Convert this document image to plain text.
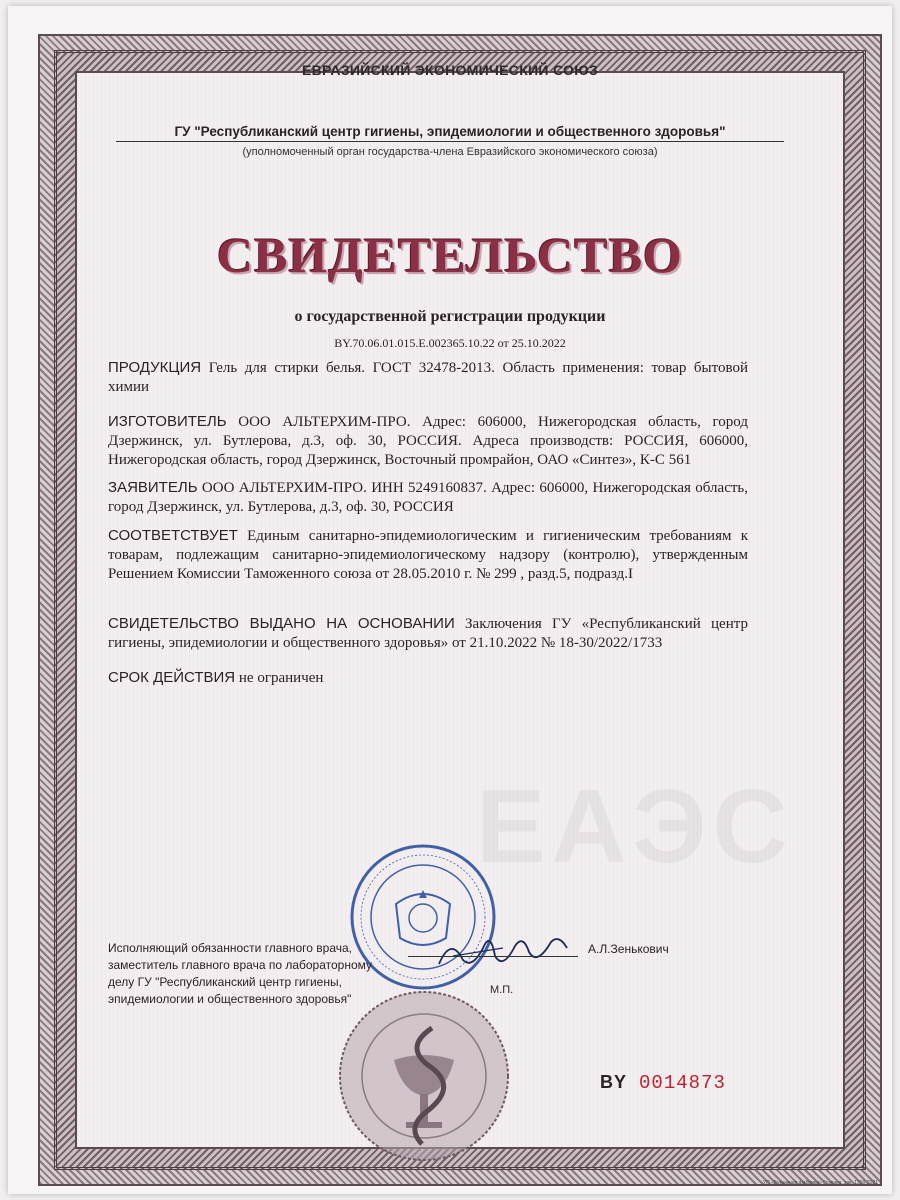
ЕВРАЗИЙСКИЙ ЭКОНОМИЧЕСКИЙ СОЮЗ
ГУ "Республиканский центр гигиены, эпидемиологии и общественного здоровья"
(уполномоченный орган государства-члена Евразийского экономического союза)
СВИДЕТЕЛЬСТВО
о государственной регистрации продукции
BY.70.06.01.015.E.002365.10.22 от 25.10.2022
ПРОДУКЦИЯ Гель для стирки белья. ГОСТ 32478-2013. Область применения: товар бытовой химии
ИЗГОТОВИТЕЛЬ ООО АЛЬТЕРХИМ-ПРО. Адрес: 606000, Нижегородская область, город Дзержинск, ул. Бутлерова, д.3, оф. 30, РОССИЯ. Адреса производств: РОССИЯ, 606000, Нижегородская область, город Дзержинск, Восточный промрайон, ОАО «Синтез», К-С 561
ЗАЯВИТЕЛЬ ООО АЛЬТЕРХИМ-ПРО. ИНН 5249160837. Адрес: 606000, Нижегородская область, город Дзержинск, ул. Бутлерова, д.3, оф. 30, РОССИЯ
СООТВЕТСТВУЕТ Единым санитарно-эпидемиологическим и гигиеническим требованиям к товарам, подлежащим санитарно-эпидемиологическому надзору (контролю), утвержденным Решением Комиссии Таможенного союза от 28.05.2010 г. № 299 , разд.5, подразд.I
СВИДЕТЕЛЬСТВО ВЫДАНО НА ОСНОВАНИИ Заключения ГУ «Республиканский центр гигиены, эпидемиологии и общественного здоровья» от 21.10.2022 № 18-30/2022/1733
СРОК ДЕЙСТВИЯ не ограничен
EAЭC
Исполняющий обязанности главного врача,
заместитель главного врача по лабораторному
делу ГУ "Республиканский центр гигиены,
эпидемиологии и общественного здоровья"
А.Л.Зенькович
М.П.
BY 0014873
УП «Бумажная фабрика» Гознака. зак. 1316-2021
